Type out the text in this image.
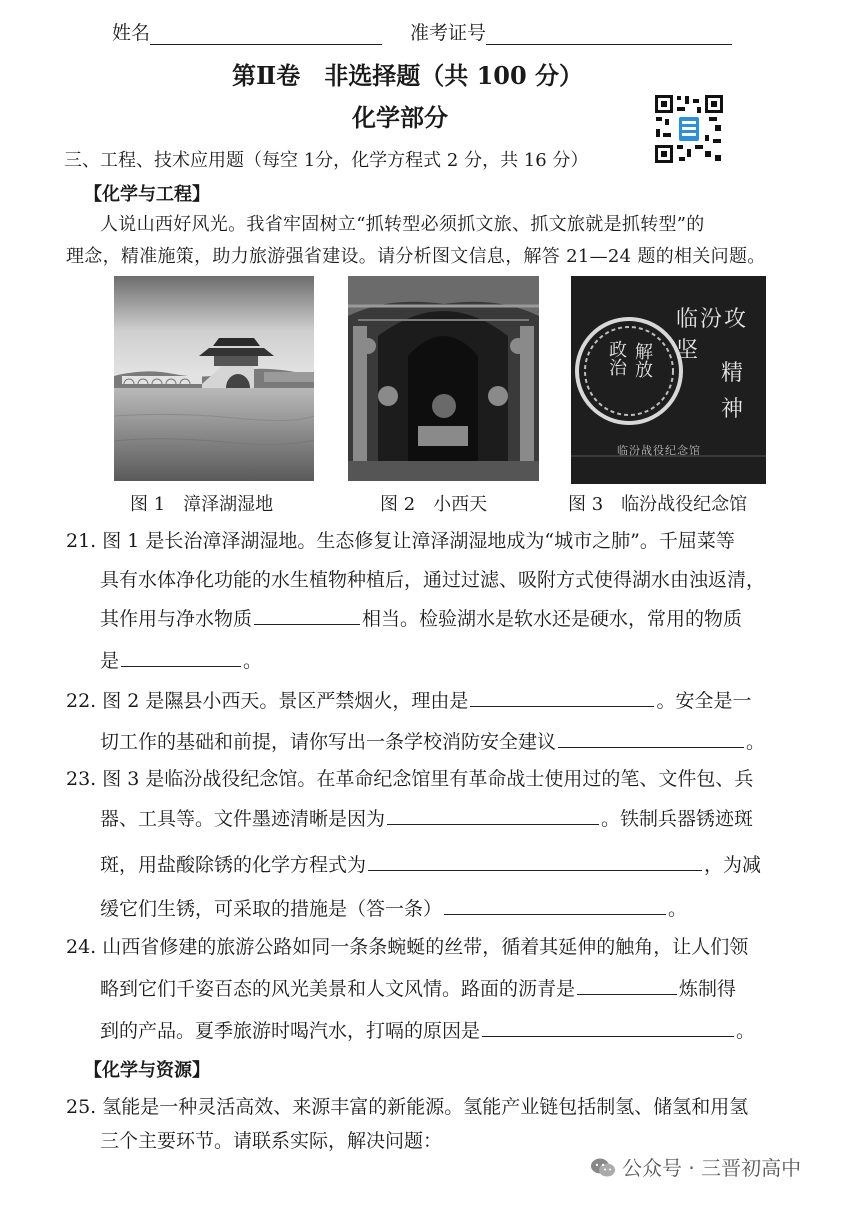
姓名	准考证号
第Ⅱ卷　非选择题（共 100 分）
化学部分
三、工程、技术应用题（每空 1分，化学方程式 2 分，共 16 分）
【化学与工程】
人说山西好风光。我省牢固树立“抓转型必须抓文旅、抓文旅就是抓转型”的
理念，精准施策，助力旅游强省建设。请分析图文信息，解答 21—24 题的相关问题。
临汾攻坚
政治 解放	精
神
临汾战役纪念馆
图 1　漳泽湖湿地	图 2　小西天	图 3　临汾战役纪念馆
21. 图 1 是长治漳泽湖湿地。生态修复让漳泽湖湿地成为“城市之肺”。千屈菜等
具有水体净化功能的水生植物种植后，通过过滤、吸附方式使得湖水由浊返清，
其作用与净水物质	相当。检验湖水是软水还是硬水，常用的物质
是	。
22. 图 2 是隰县小西天。景区严禁烟火，理由是	。安全是一
切工作的基础和前提，请你写出一条学校消防安全建议	。
23. 图 3 是临汾战役纪念馆。在革命纪念馆里有革命战士使用过的笔、文件包、兵
器、工具等。文件墨迹清晰是因为	。铁制兵器锈迹斑
斑，用盐酸除锈的化学方程式为	，为减
缓它们生锈，可采取的措施是（答一条）	。
24. 山西省修建的旅游公路如同一条条蜿蜒的丝带，循着其延伸的触角，让人们领
略到它们千姿百态的风光美景和人文风情。路面的沥青是	炼制得
到的产品。夏季旅游时喝汽水，打嗝的原因是	。
【化学与资源】
25. 氢能是一种灵活高效、来源丰富的新能源。氢能产业链包括制氢、储氢和用氢
三个主要环节。请联系实际，解决问题：
公众号 · 三晋初高中
